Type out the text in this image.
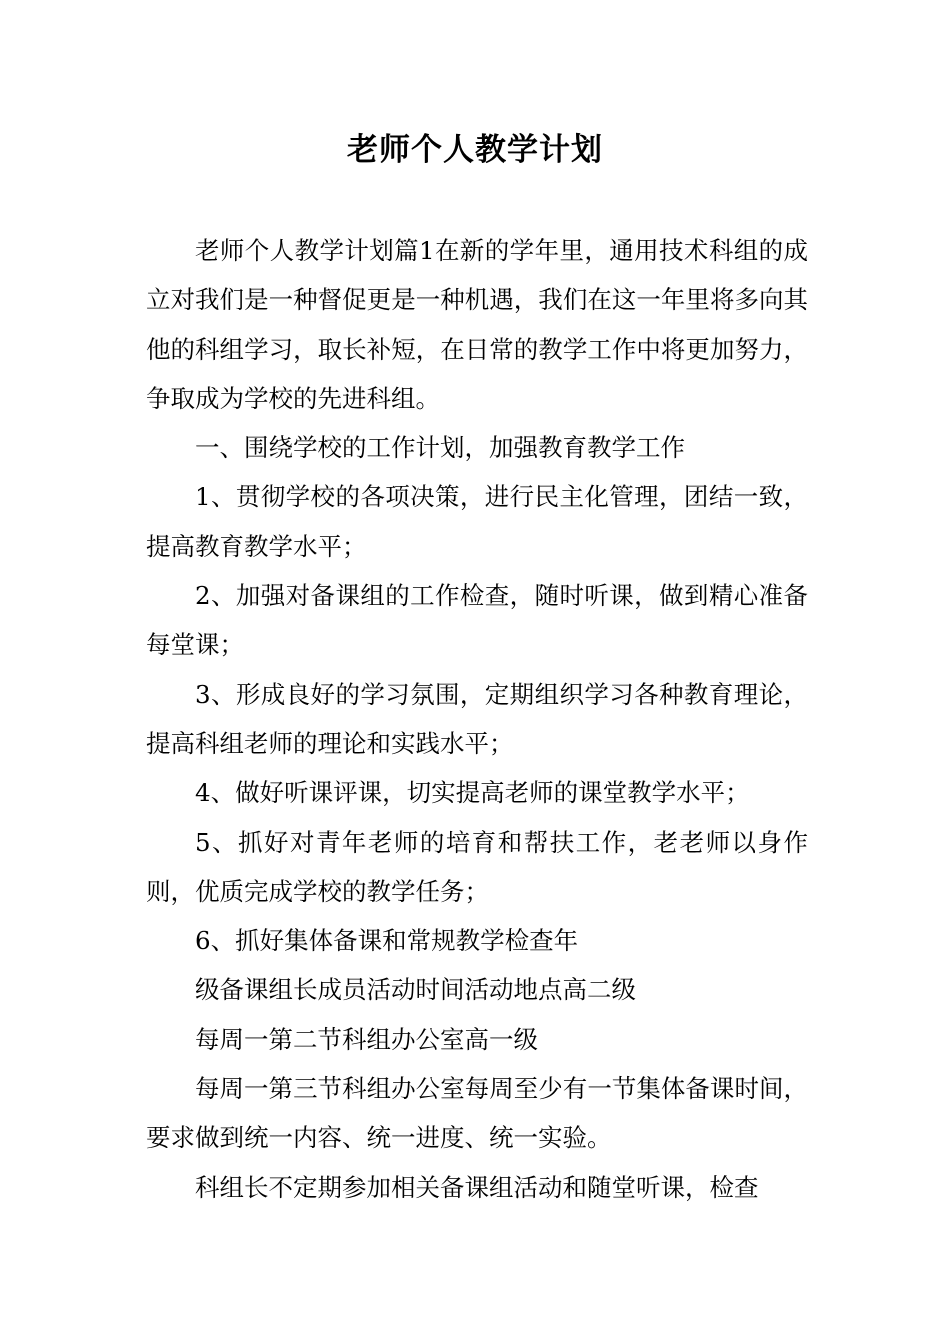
老师个人教学计划

老师个人教学计划篇1在新的学年里，通用技术科组的成立对我们是一种督促更是一种机遇，我们在这一年里将多向其他的科组学习，取长补短，在日常的教学工作中将更加努力，争取成为学校的先进科组。

一、围绕学校的工作计划，加强教育教学工作

1、贯彻学校的各项决策，进行民主化管理，团结一致，提高教育教学水平；

2、加强对备课组的工作检查，随时听课，做到精心准备每堂课；

3、形成良好的学习氛围，定期组织学习各种教育理论，提高科组老师的理论和实践水平；

4、做好听课评课，切实提高老师的课堂教学水平；

5、抓好对青年老师的培育和帮扶工作，老老师以身作则，优质完成学校的教学任务；

6、抓好集体备课和常规教学检查年

级备课组长成员活动时间活动地点高二级

每周一第二节科组办公室高一级

每周一第三节科组办公室每周至少有一节集体备课时间，要求做到统一内容、统一进度、统一实验。

科组长不定期参加相关备课组活动和随堂听课，检查
